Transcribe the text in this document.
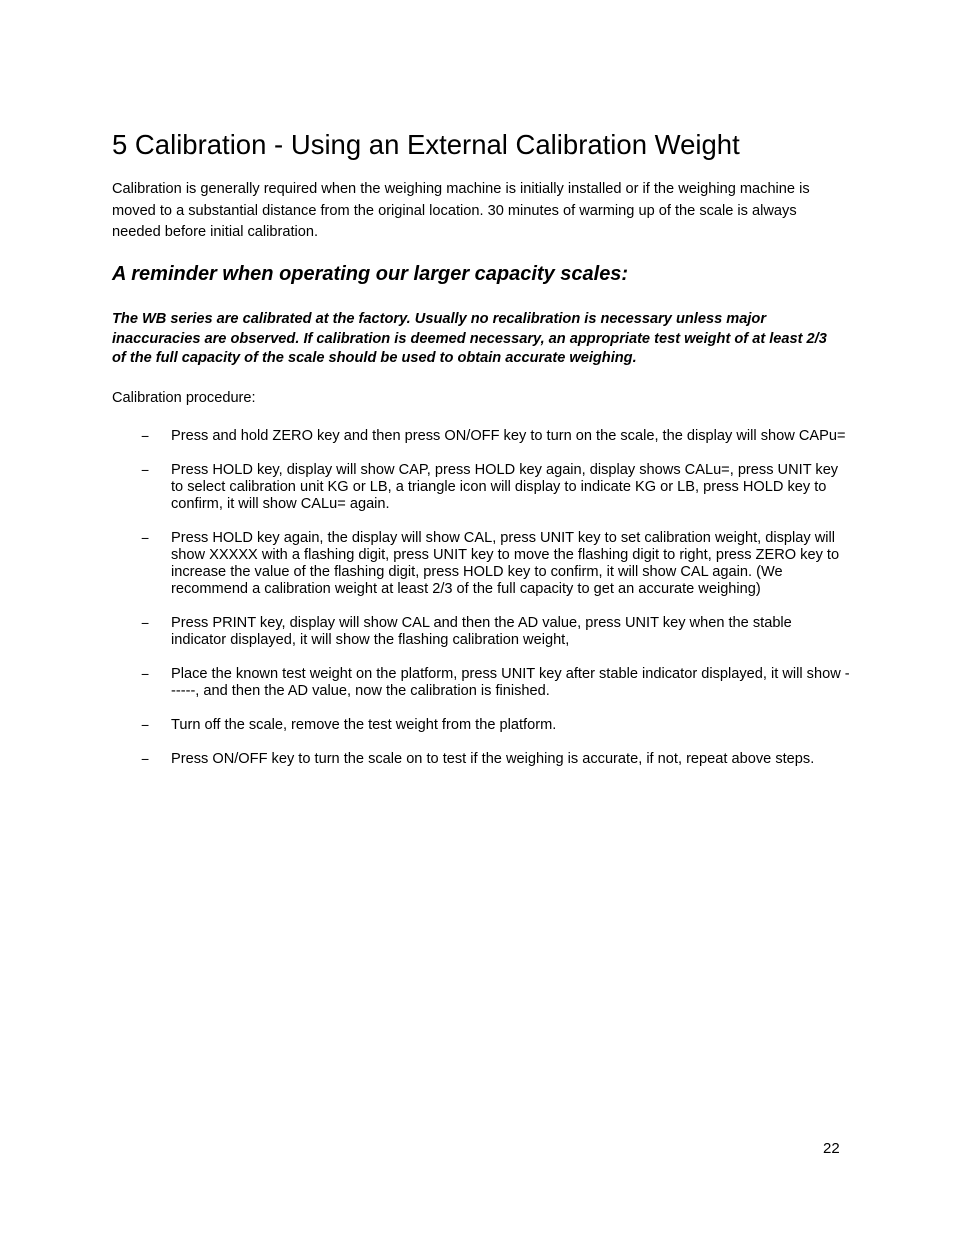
5 Calibration - Using an External Calibration Weight

Calibration is generally required when the weighing machine is initially installed or if the weighing machine is moved to a substantial distance from the original location. 30 minutes of warming up of the scale is always needed before initial calibration.

A reminder when operating our larger capacity scales:

The WB series are calibrated at the factory. Usually no recalibration is necessary unless major inaccuracies are observed. If calibration is deemed necessary, an appropriate test weight of at least 2/3 of the full capacity of the scale should be used to obtain accurate weighing.

Calibration procedure:

− Press and hold ZERO key and then press ON/OFF key to turn on the scale, the display will show CAPu=
− Press HOLD key, display will show CAP, press HOLD key again, display shows CALu=, press UNIT key to select calibration unit KG or LB, a triangle icon will display to indicate KG or LB, press HOLD key to confirm, it will show CALu= again.
− Press HOLD key again, the display will show CAL, press UNIT key to set calibration weight, display will show XXXXX with a flashing digit, press UNIT key to move the flashing digit to right, press ZERO key to increase the value of the flashing digit, press HOLD key to confirm, it will show CAL again. (We recommend a calibration weight at least 2/3 of the full capacity to get an accurate weighing)
− Press PRINT key, display will show CAL and then the AD value, press UNIT key when the stable indicator displayed, it will show the flashing calibration weight,
− Place the known test weight on the platform, press UNIT key after stable indicator displayed, it will show ------, and then the AD value, now the calibration is finished.
− Turn off the scale, remove the test weight from the platform.
− Press ON/OFF key to turn the scale on to test if the weighing is accurate, if not, repeat above steps.

22
